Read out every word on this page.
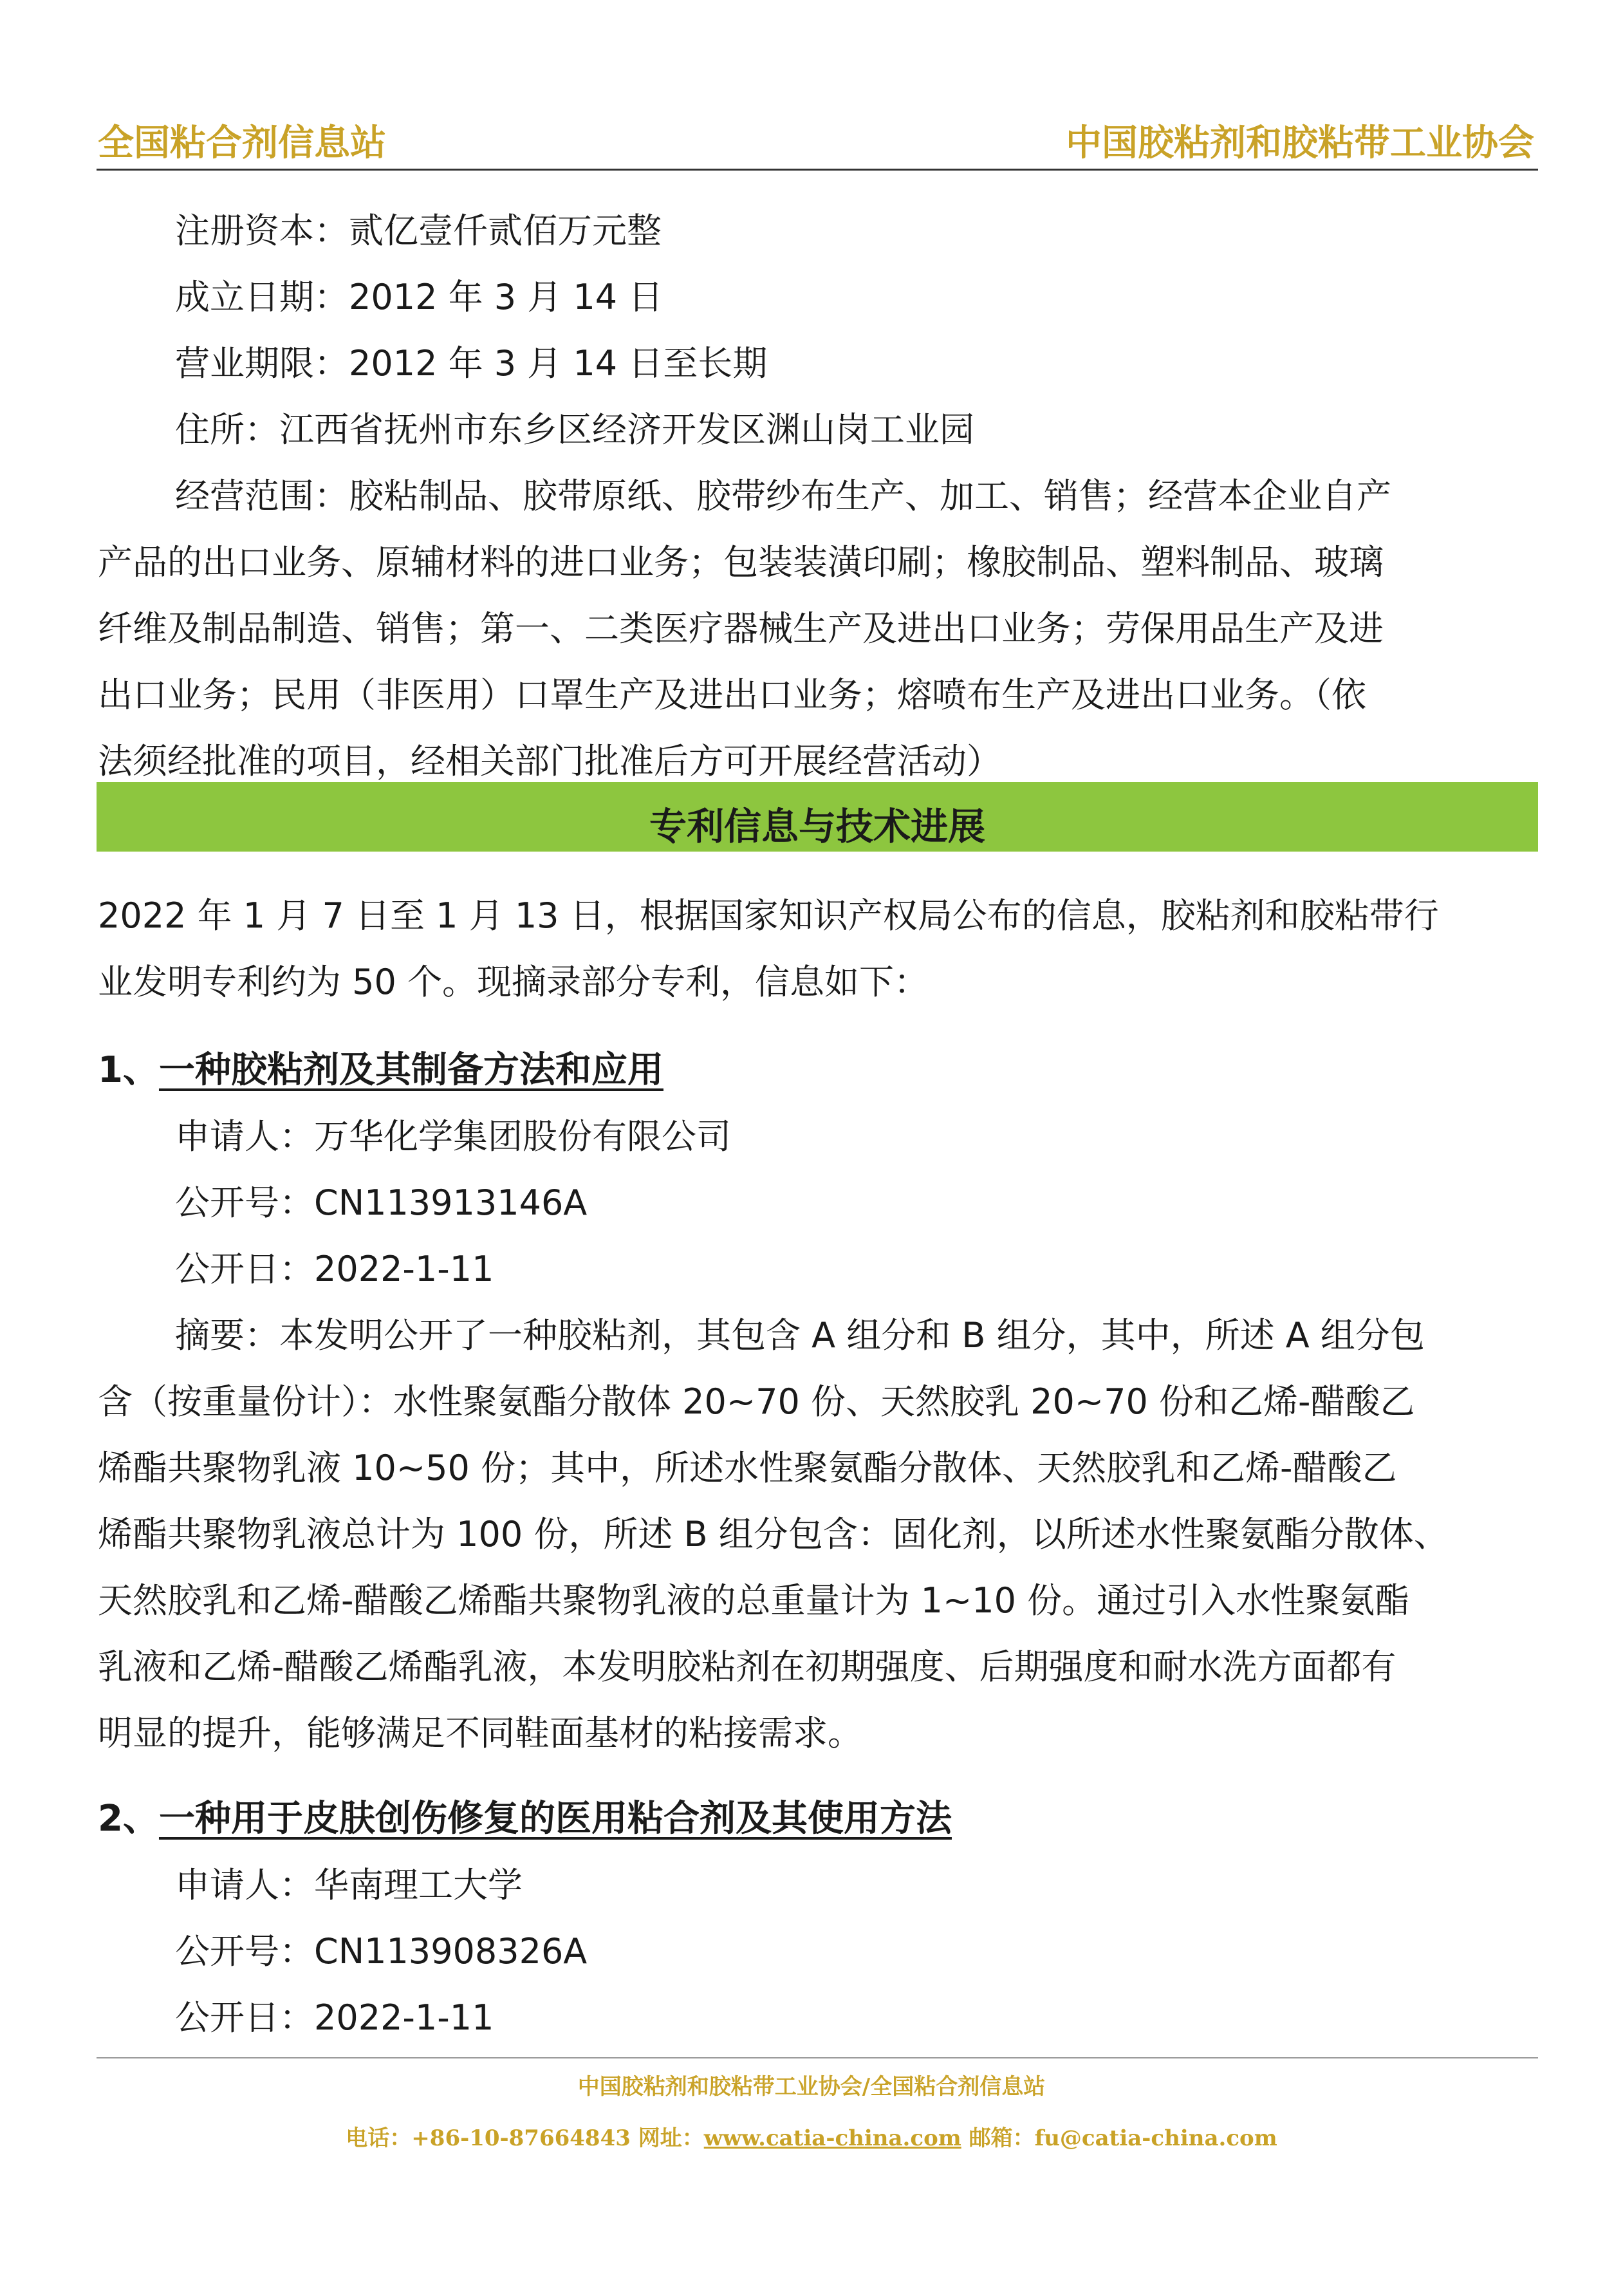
全国粘合剂信息站	中国胶粘剂和胶粘带工业协会
注册资本：贰亿壹仟贰佰万元整
成立日期：2012 年 3 月 14 日
营业期限：2012 年 3 月 14 日至长期
住所：江西省抚州市东乡区经济开发区渊山岗工业园
经营范围：胶粘制品、胶带原纸、胶带纱布生产、加工、销售；经营本企业自产
产品的出口业务、原辅材料的进口业务；包装装潢印刷；橡胶制品、塑料制品、玻璃
纤维及制品制造、销售；第一、二类医疗器械生产及进出口业务；劳保用品生产及进
出口业务；民用（非医用）口罩生产及进出口业务；熔喷布生产及进出口业务。（依
法须经批准的项目，经相关部门批准后方可开展经营活动）
专利信息与技术进展
2022 年 1 月 7 日至 1 月 13 日，根据国家知识产权局公布的信息，胶粘剂和胶粘带行
业发明专利约为 50 个。现摘录部分专利，信息如下：
1、一种胶粘剂及其制备方法和应用
申请人：万华化学集团股份有限公司
公开号：CN113913146A
公开日：2022-1-11
摘要：本发明公开了一种胶粘剂，其包含 A 组分和 B 组分，其中，所述 A 组分包
含（按重量份计）：水性聚氨酯分散体 20~70 份、天然胶乳 20~70 份和乙烯-醋酸乙
烯酯共聚物乳液 10~50 份；其中，所述水性聚氨酯分散体、天然胶乳和乙烯-醋酸乙
烯酯共聚物乳液总计为 100 份，所述 B 组分包含：固化剂，以所述水性聚氨酯分散体、
天然胶乳和乙烯-醋酸乙烯酯共聚物乳液的总重量计为 1~10 份。通过引入水性聚氨酯
乳液和乙烯-醋酸乙烯酯乳液，本发明胶粘剂在初期强度、后期强度和耐水洗方面都有
明显的提升，能够满足不同鞋面基材的粘接需求。
2、一种用于皮肤创伤修复的医用粘合剂及其使用方法
申请人：华南理工大学
公开号：CN113908326A
公开日：2022-1-11
中国胶粘剂和胶粘带工业协会/全国粘合剂信息站
电话：+86-10-87664843 网址：www.catia-china.com 邮箱：fu@catia-china.com
